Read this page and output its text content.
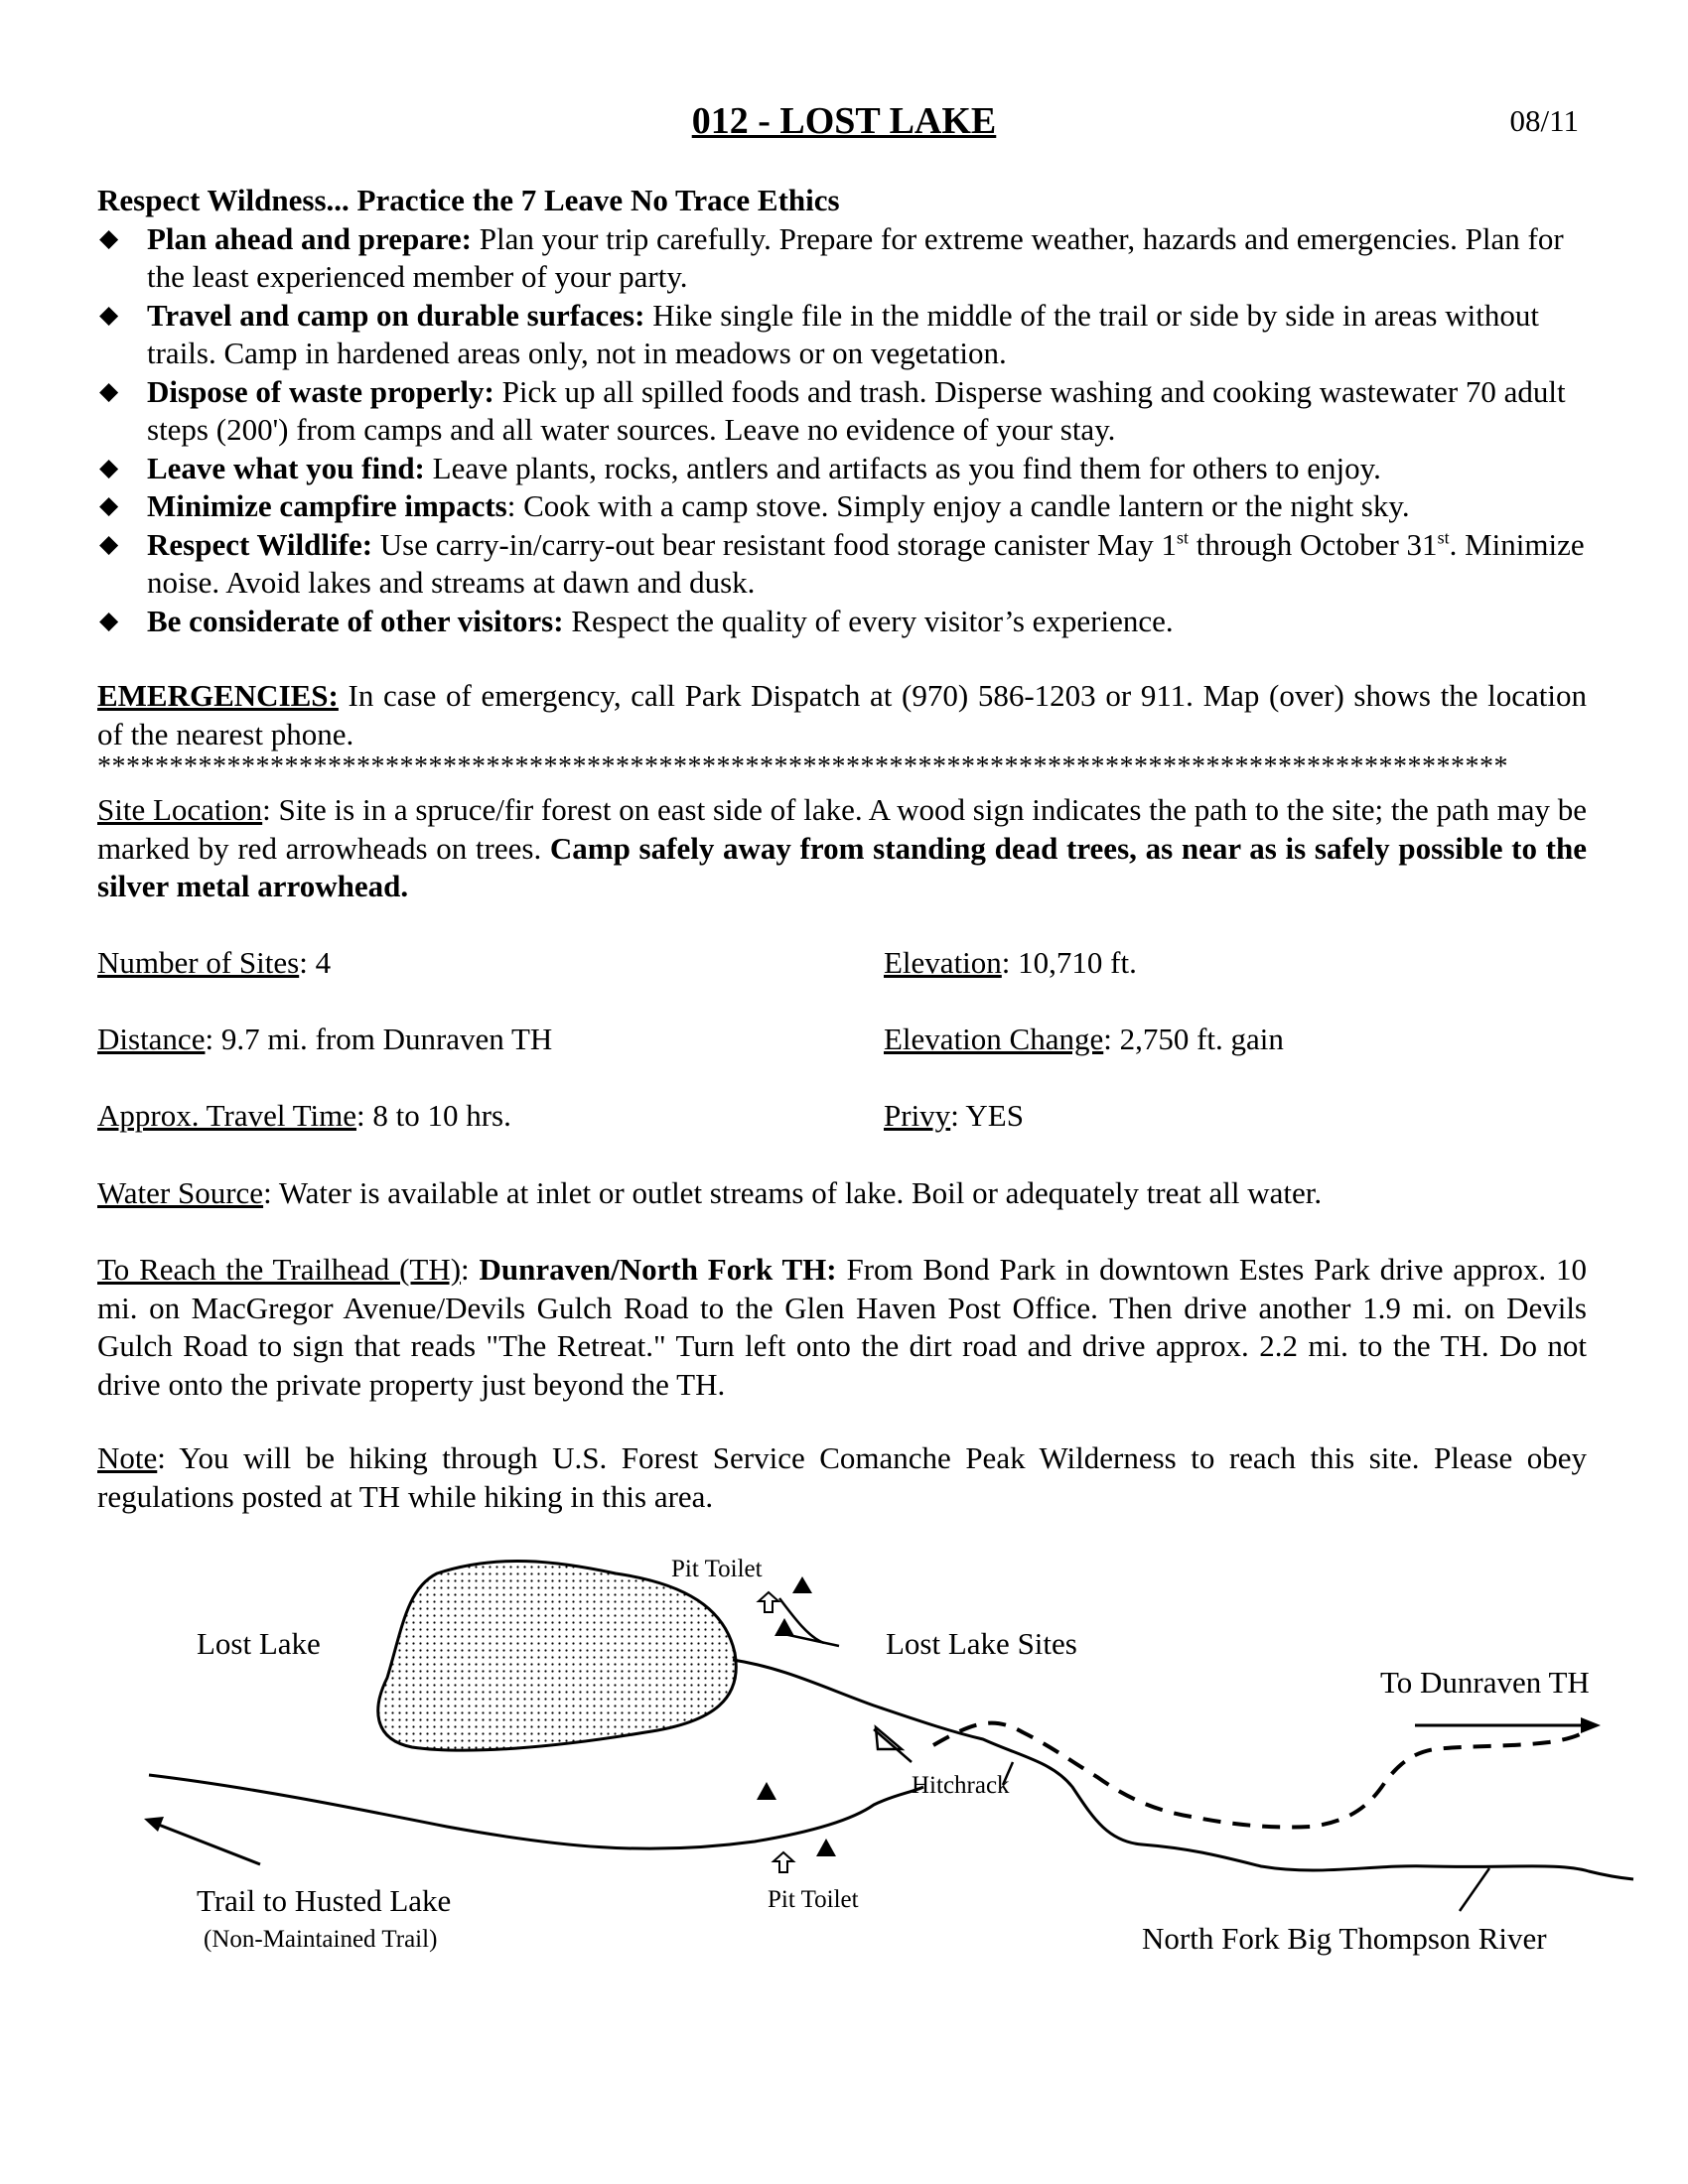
012 - LOST LAKE	08/11
Respect Wildness... Practice the 7 Leave No Trace Ethics
◆ Plan ahead and prepare: Plan your trip carefully. Prepare for extreme weather, hazards and emergencies. Plan for the least experienced member of your party.
◆ Travel and camp on durable surfaces: Hike single file in the middle of the trail or side by side in areas without trails. Camp in hardened areas only, not in meadows or on vegetation.
◆ Dispose of waste properly: Pick up all spilled foods and trash. Disperse washing and cooking wastewater 70 adult steps (200') from camps and all water sources. Leave no evidence of your stay.
◆ Leave what you find: Leave plants, rocks, antlers and artifacts as you find them for others to enjoy.
◆ Minimize campfire impacts: Cook with a camp stove. Simply enjoy a candle lantern or the night sky.
◆ Respect Wildlife: Use carry-in/carry-out bear resistant food storage canister May 1st through October 31st. Minimize noise. Avoid lakes and streams at dawn and dusk.
◆ Be considerate of other visitors: Respect the quality of every visitor’s experience.
EMERGENCIES: In case of emergency, call Park Dispatch at (970) 586-1203 or 911. Map (over) shows the location of the nearest phone.
**************************************************************************************************
Site Location: Site is in a spruce/fir forest on east side of lake. A wood sign indicates the path to the site; the path may be marked by red arrowheads on trees. Camp safely away from standing dead trees, as near as is safely possible to the silver metal arrowhead.
Number of Sites: 4	Elevation: 10,710 ft.
Distance: 9.7 mi. from Dunraven TH	Elevation Change: 2,750 ft. gain
Approx. Travel Time: 8 to 10 hrs.	Privy: YES
Water Source: Water is available at inlet or outlet streams of lake. Boil or adequately treat all water.
To Reach the Trailhead (TH): Dunraven/North Fork TH: From Bond Park in downtown Estes Park drive approx. 10 mi. on MacGregor Avenue/Devils Gulch Road to the Glen Haven Post Office. Then drive another 1.9 mi. on Devils Gulch Road to sign that reads "The Retreat." Turn left onto the dirt road and drive approx. 2.2 mi. to the TH. Do not drive onto the private property just beyond the TH.
Note: You will be hiking through U.S. Forest Service Comanche Peak Wilderness to reach this site. Please obey regulations posted at TH while hiking in this area.
Pit Toilet
Lost Lake	Lost Lake Sites
To Dunraven TH
Hitchrack
Trail to Husted Lake
(Non-Maintained Trail)
Pit Toilet
North Fork Big Thompson River
